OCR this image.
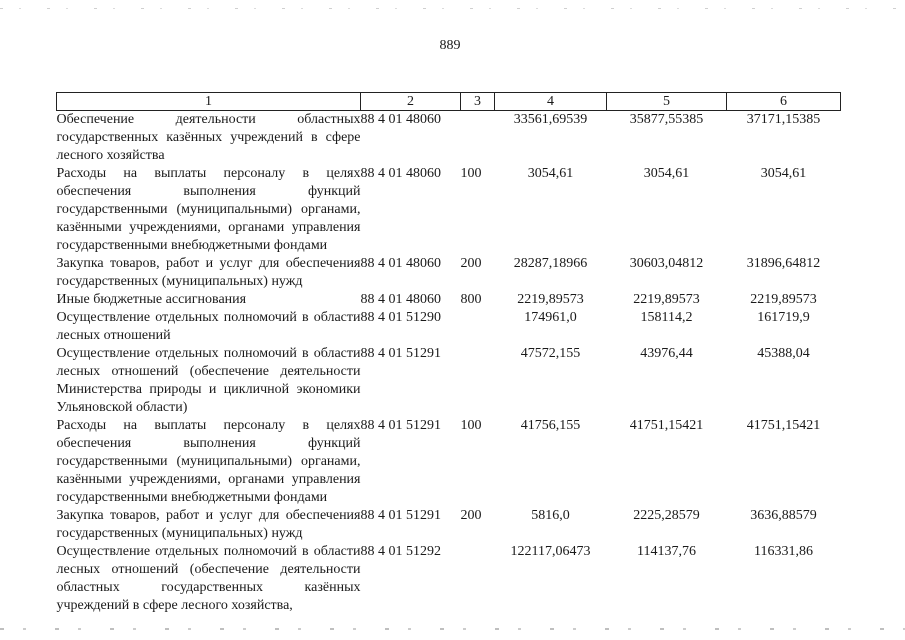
889
1	2	3	4	5	6
Обеспечение деятельности областных государственных казённых учреждений в сфере лесного хозяйства	88 4 01 48060		33561,69539	35877,55385	37171,15385
Расходы на выплаты персоналу в целях обеспечения выполнения функций государственными (муниципальными) органами, казёнными учреждениями, органами управления государственными внебюджетными фондами	88 4 01 48060	100	3054,61	3054,61	3054,61
Закупка товаров, работ и услуг для обеспечения государственных (муниципальных) нужд	88 4 01 48060	200	28287,18966	30603,04812	31896,64812
Иные бюджетные ассигнования	88 4 01 48060	800	2219,89573	2219,89573	2219,89573
Осуществление отдельных полномочий в области лесных отношений	88 4 01 51290		174961,0	158114,2	161719,9
Осуществление отдельных полномочий в области лесных отношений (обеспечение деятельности Министерства природы и цикличной экономики Ульяновской области)	88 4 01 51291		47572,155	43976,44	45388,04
Расходы на выплаты персоналу в целях обеспечения выполнения функций государственными (муниципальными) органами, казёнными учреждениями, органами управления государственными внебюджетными фондами	88 4 01 51291	100	41756,155	41751,15421	41751,15421
Закупка товаров, работ и услуг для обеспечения государственных (муниципальных) нужд	88 4 01 51291	200	5816,0	2225,28579	3636,88579
Осуществление отдельных полномочий в области лесных отношений (обеспечение деятельности областных государственных казённых учреждений в сфере лесного хозяйства,	88 4 01 51292		122117,06473	114137,76	116331,86
